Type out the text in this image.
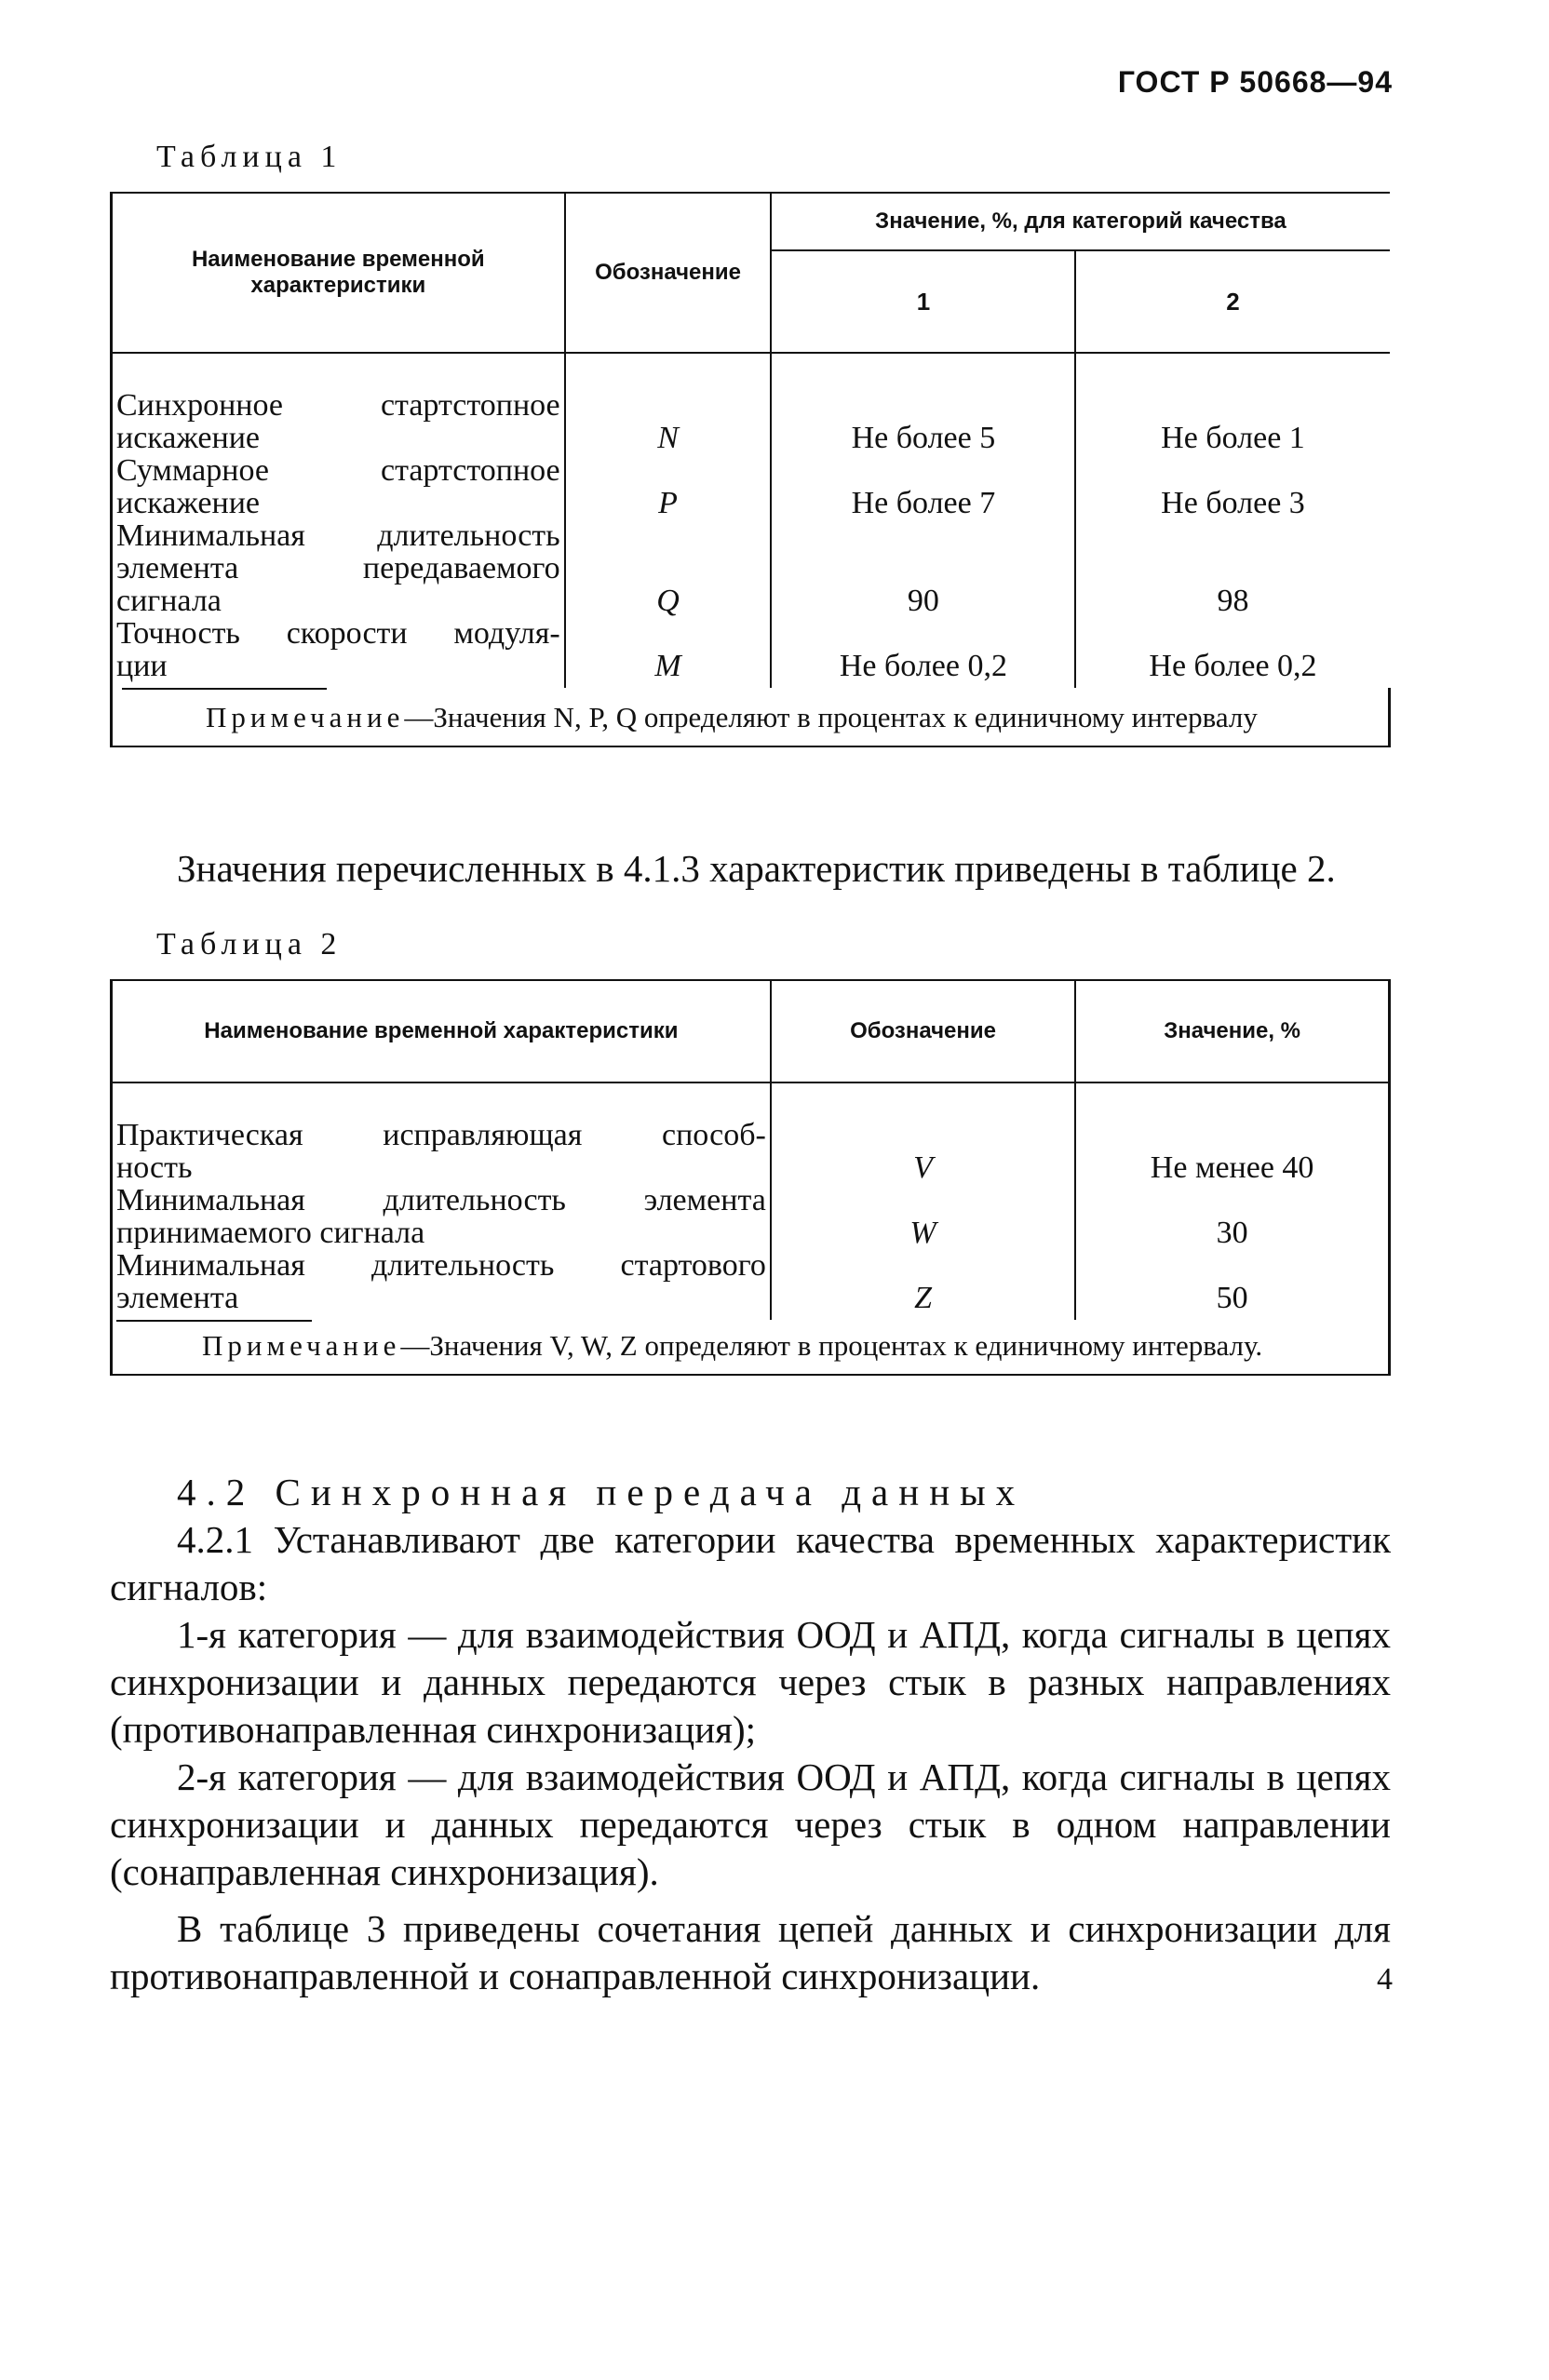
ГОСТ Р 50668—94
Таблица 1
Наименование временной характеристики	Обозначение	Значение, %, для категорий качества	
		1	2

Синхронное стартстопное
искажение	N	Не более 5	Не более 1

Суммарное стартстопное
искажение	P	Не более 7	Не более 3

Минимальная длительность
элемента передаваемого
сигнала	Q	90	98

Точность скорости модуля-
ции	M	Не более 0,2	Не более 0,2

Примечание—Значения N, P, Q определяют в процентах к единичному интервалу			
Значения перечисленных в 4.1.3 характеристик приведены в таблице 2.
Таблица 2
Наименование временной характеристики	Обозначение	Значение, %

Практическая исправляющая способ-
ность	V	Не менее 40

Минимальная длительность элемента
принимаемого сигнала	W	30

Минимальная длительность стартового
элемента	Z	50

Примечание—Значения V, W, Z определяют в процентах к единичному интервалу.		
4.2 Синхронная передача данных
4.2.1 Устанавливают две категории качества временных характеристик сигналов:
1-я категория — для взаимодействия ООД и АПД, когда сигналы в цепях синхронизации и данных передаются через стык в разных направлениях (противонаправленная синхронизация);
2-я категория — для взаимодействия ООД и АПД, когда сигналы в цепях синхронизации и данных передаются через стык в одном направлении (сонаправленная синхронизация).
В таблице 3 приведены сочетания цепей данных и синхронизации для противонаправленной и сонаправленной синхронизации.	4
